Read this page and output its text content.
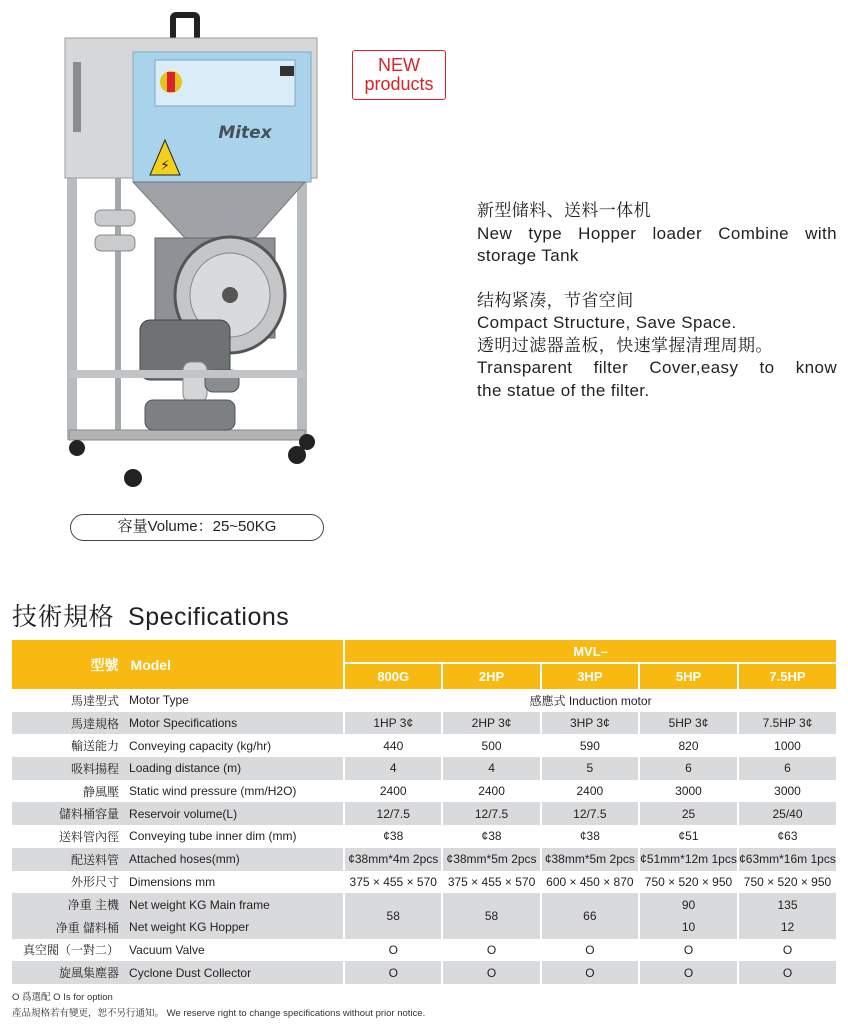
Mitex
⚡
NEW
products

新型储料、送料一体机

New type Hopper loader Combine with

storage Tank

结构紧凑，节省空间

Compact Structure, Save Space.

透明过滤器盖板，快速掌握清理周期。

Transparent filter Cover,easy to know

the statue of the filter.

容量Volume：25~50KG
技術規格 Specifications
型號 Model		MVL–				
		800G	2HP	3HP	5HP	7.5HP
馬達型式	Motor Type	感應式 Induction motor				
馬達規格	Motor Specifications	1HP 3¢	2HP 3¢	3HP 3¢	5HP 3¢	7.5HP 3¢
輸送能力	Conveying capacity (kg/hr)	440	500	590	820	1000
吸料揚程	Loading distance (m)	4	4	5	6	6
静風壓	Static wind pressure (mm/H2O)	2400	2400	2400	3000	3000
儲料桶容量	Reservoir volume(L)	12/7.5	12/7.5	12/7.5	25	25/40
送料管內徑	Conveying tube inner dim (mm)	¢38	¢38	¢38	¢51	¢63
配送料管	Attached hoses(mm)	¢38mm*4m 2pcs	¢38mm*5m 2pcs	¢38mm*5m 2pcs	¢51mm*12m 1pcs	¢63mm*16m 1pcs
外形尺寸	Dimensions mm	375 × 455 × 570	375 × 455 × 570	600 × 450 × 870	750 × 520 × 950	750 × 520 × 950
净重 主機	Net weight KG Main frame	58	58	66	90	135
净重 儲料桶	Net weight KG Hopper				10	12
真空閥（一對二）	Vacuum Valve	O	O	O	O	O
旋風集塵器	Cyclone Dust Collector	O	O	O	O	O
O 爲選配 O Is for option
產品規格若有變更，恕不另行通知。 We reserve right to change specifications without prior notice.
